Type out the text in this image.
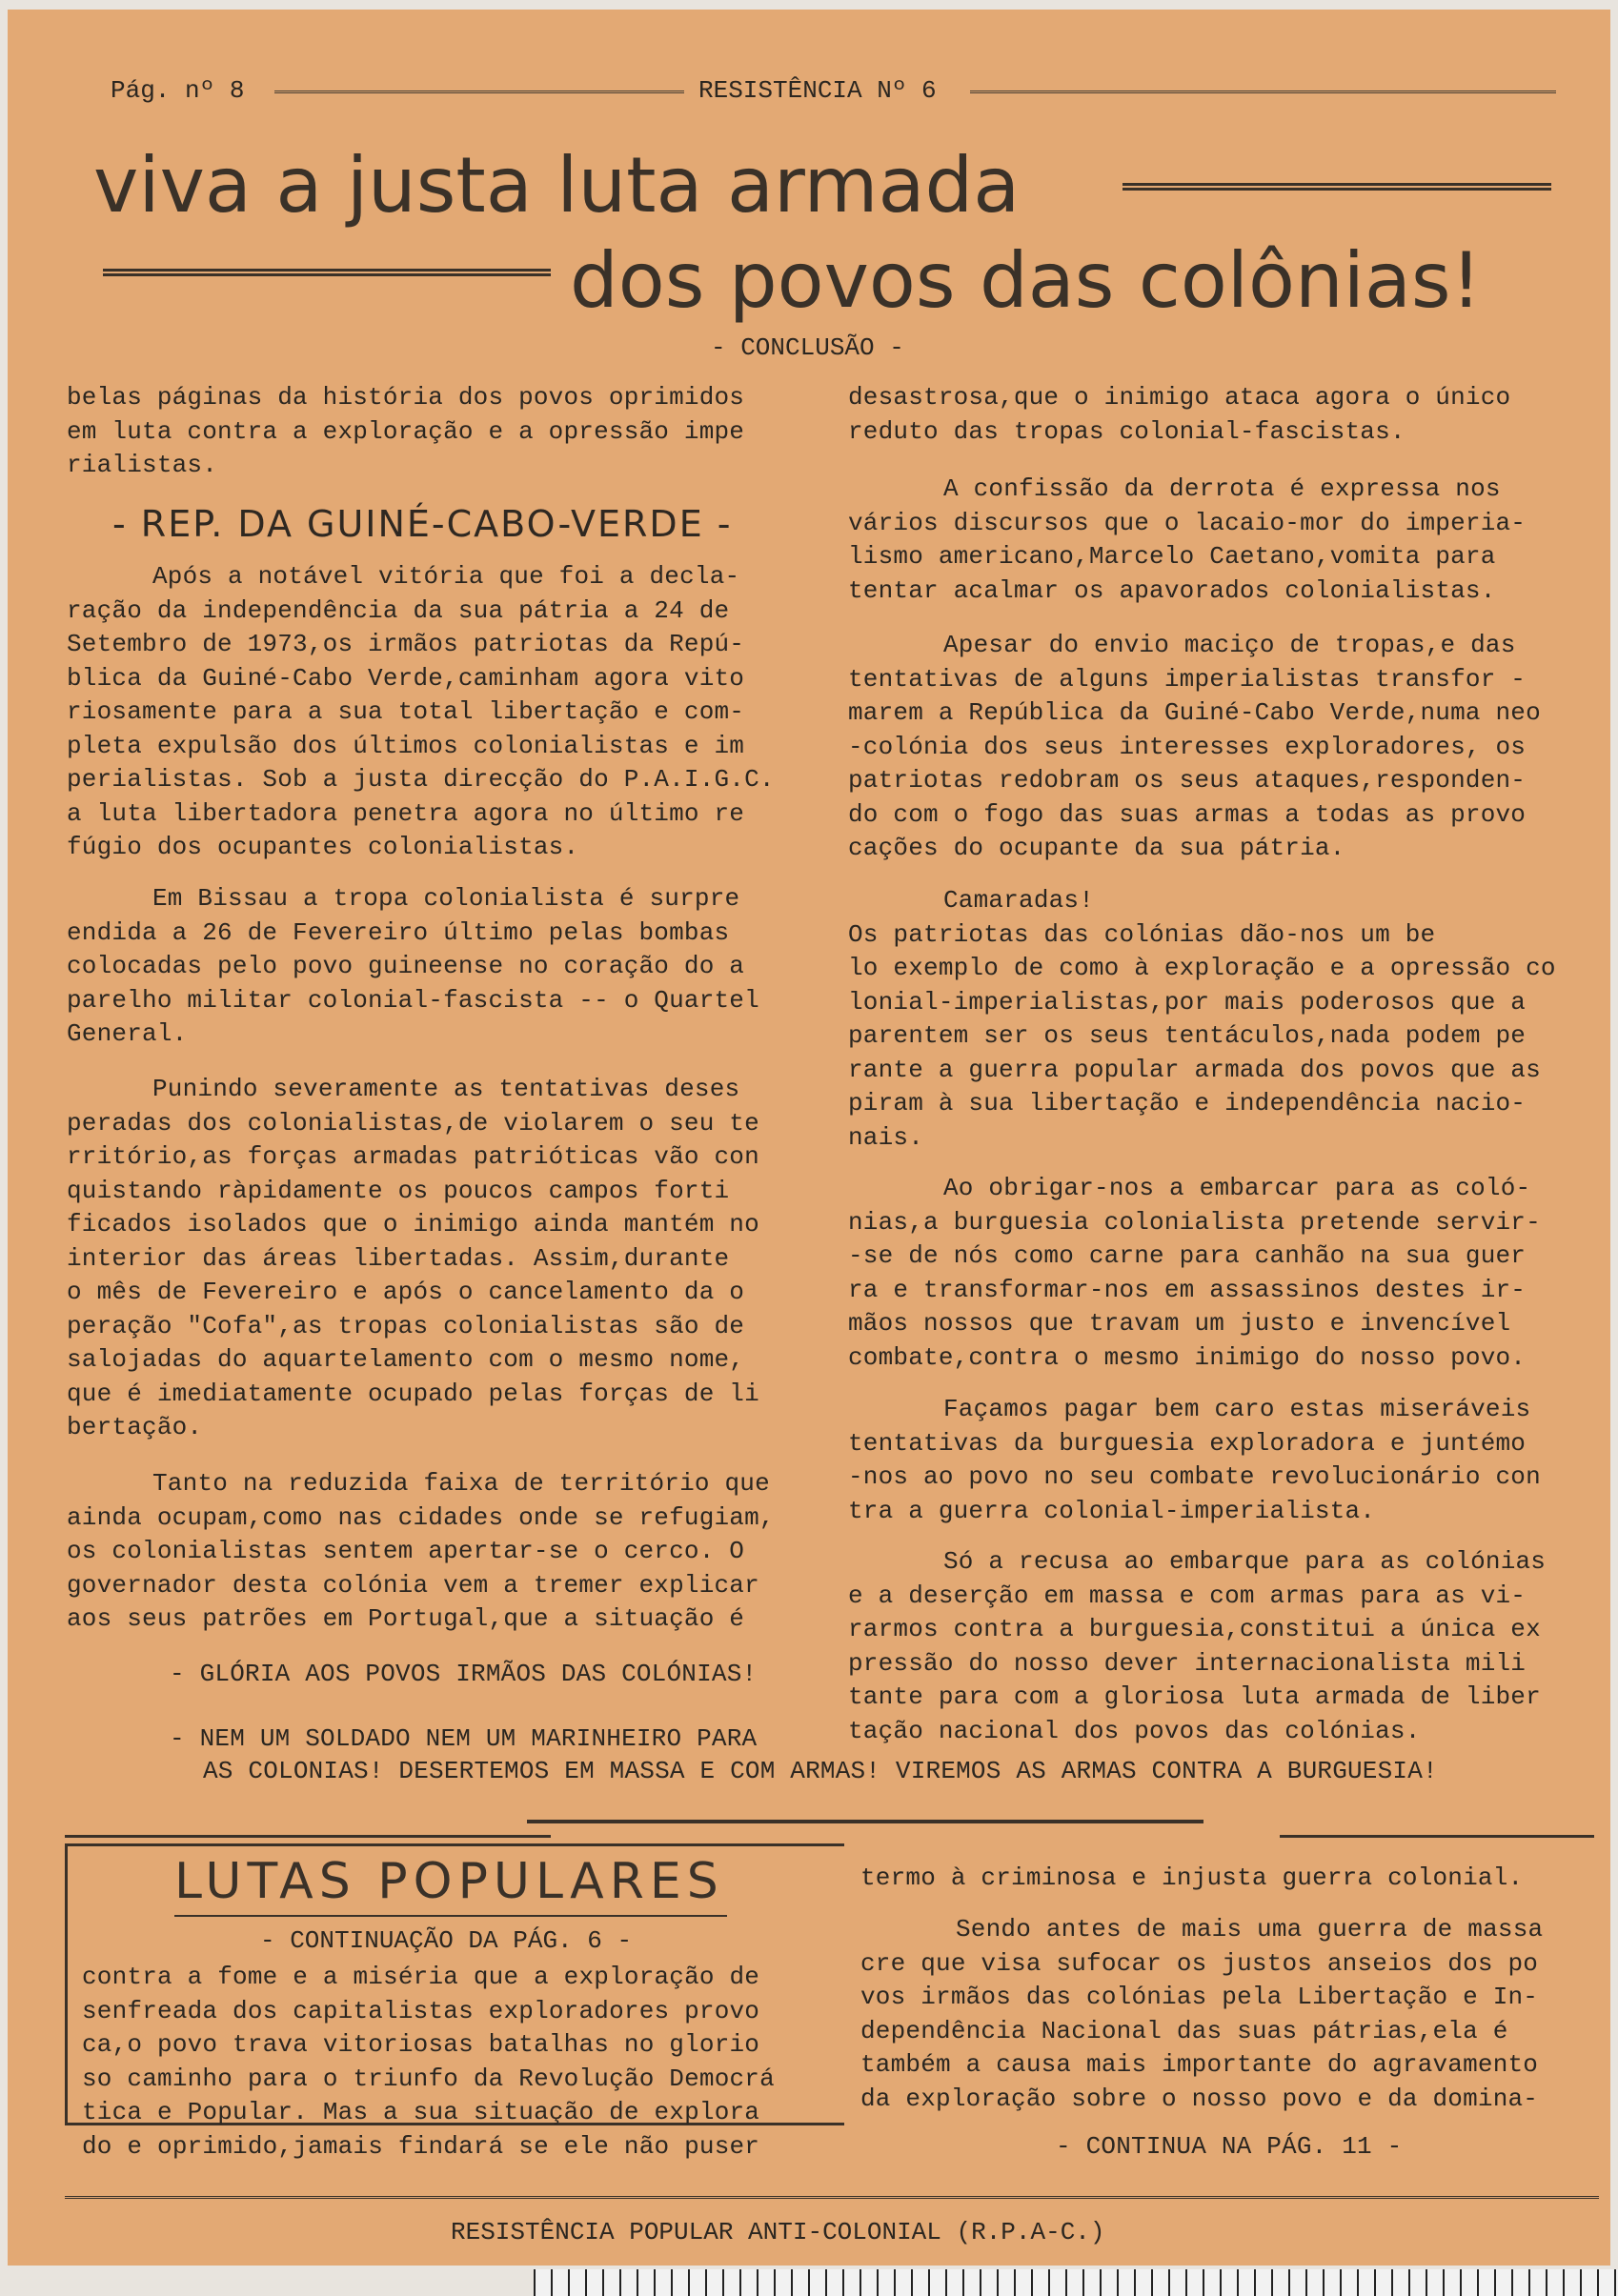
Pág. nº 8	RESISTÊNCIA Nº 6
viva a justa luta armada
dos povos das colônias!
- CONCLUSÃO -
belas páginas da história dos povos oprimidos
em luta contra a exploração e a opressão impe
rialistas.
- REP. DA GUINÉ-CABO-VERDE -
Após a notável vitória que foi a decla-
ração da independência da sua pátria a 24 de
Setembro de 1973,os irmãos patriotas da Repú-
blica da Guiné-Cabo Verde,caminham agora vito
riosamente para a sua total libertação e com-
pleta expulsão dos últimos colonialistas e im
perialistas. Sob a justa direcção do P.A.I.G.C.
a luta libertadora penetra agora no último re
fúgio dos ocupantes colonialistas.
Em Bissau a tropa colonialista é surpre
endida a 26 de Fevereiro último pelas bombas
colocadas pelo povo guineense no coração do a
parelho militar colonial-fascista -- o Quartel
General.
Punindo severamente as tentativas deses
peradas dos colonialistas,de violarem o seu te
rritório,as forças armadas patrióticas vão con
quistando ràpidamente os poucos campos forti
ficados isolados que o inimigo ainda mantém no
interior das áreas libertadas. Assim,durante
o mês de Fevereiro e após o cancelamento da o
peração "Cofa",as tropas colonialistas são de
salojadas do aquartelamento com o mesmo nome,
que é imediatamente ocupado pelas forças de li
bertação.
Tanto na reduzida faixa de território que
ainda ocupam,como nas cidades onde se refugiam,
os colonialistas sentem apertar-se o cerco. O
governador desta colónia vem a tremer explicar
aos seus patrões em Portugal,que a situação é
- GLÓRIA AOS POVOS IRMÃOS DAS COLÓNIAS!
- NEM UM SOLDADO NEM UM MARINHEIRO PARA
AS COLONIAS! DESERTEMOS EM MASSA E COM ARMAS! VIREMOS AS ARMAS CONTRA A BURGUESIA!
desastrosa,que o inimigo ataca agora o único
reduto das tropas colonial-fascistas.
A confissão da derrota é expressa nos
vários discursos que o lacaio-mor do imperia-
lismo americano,Marcelo Caetano,vomita para
tentar acalmar os apavorados colonialistas.
Apesar do envio maciço de tropas,e das
tentativas de alguns imperialistas transfor -
marem a República da Guiné-Cabo Verde,numa neo
-colónia dos seus interesses exploradores, os
patriotas redobram os seus ataques,responden-
do com o fogo das suas armas a todas as provo
cações do ocupante da sua pátria.
Camaradas!
Os patriotas das colónias dão-nos um be
lo exemplo de como à exploração e a opressão co
lonial-imperialistas,por mais poderosos que a
parentem ser os seus tentáculos,nada podem pe
rante a guerra popular armada dos povos que as
piram à sua libertação e independência nacio-
nais.
Ao obrigar-nos a embarcar para as coló-
nias,a burguesia colonialista pretende servir-
-se de nós como carne para canhão na sua guer
ra e transformar-nos em assassinos destes ir-
mãos nossos que travam um justo e invencível
combate,contra o mesmo inimigo do nosso povo.
Façamos pagar bem caro estas miseráveis
tentativas da burguesia exploradora e juntémo
-nos ao povo no seu combate revolucionário con
tra a guerra colonial-imperialista.
Só a recusa ao embarque para as colónias
e a deserção em massa e com armas para as vi-
rarmos contra a burguesia,constitui a única ex
pressão do nosso dever internacionalista mili
tante para com a gloriosa luta armada de liber
tação nacional dos povos das colónias.
LUTAS POPULARES
- CONTINUAÇÃO DA PÁG. 6 -
contra a fome e a miséria que a exploração de
senfreada dos capitalistas exploradores provo
ca,o povo trava vitoriosas batalhas no glorio
so caminho para o triunfo da Revolução Democrá
tica e Popular. Mas a sua situação de explora
do e oprimido,jamais findará se ele não puser
termo à criminosa e injusta guerra colonial.
Sendo antes de mais uma guerra de massa
cre que visa sufocar os justos anseios dos po
vos irmãos das colónias pela Libertação e In-
dependência Nacional das suas pátrias,ela é
também a causa mais importante do agravamento
da exploração sobre o nosso povo e da domina-
- CONTINUA NA PÁG. 11 -
RESISTÊNCIA POPULAR ANTI-COLONIAL (R.P.A-C.)
